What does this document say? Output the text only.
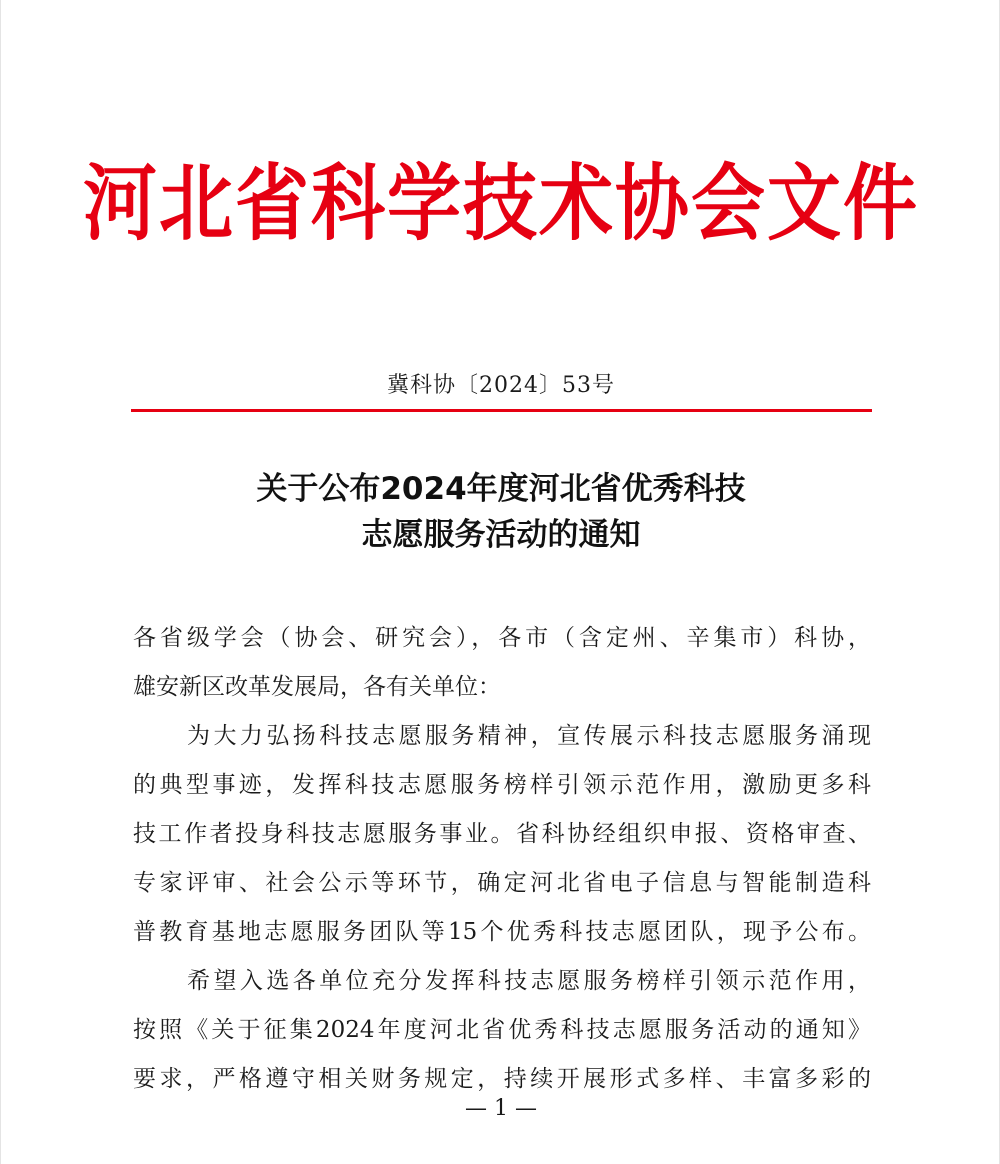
河北省科学技术协会文件
冀科协〔2024〕53号
关于公布2024年度河北省优秀科技
志愿服务活动的通知
各省级学会（协会、研究会），各市（含定州、辛集市）科协，
雄安新区改革发展局，各有关单位：
为大力弘扬科技志愿服务精神，宣传展示科技志愿服务涌现
的典型事迹，发挥科技志愿服务榜样引领示范作用，激励更多科
技工作者投身科技志愿服务事业。省科协经组织申报、资格审查、
专家评审、社会公示等环节，确定河北省电子信息与智能制造科
普教育基地志愿服务团队等15个优秀科技志愿团队，现予公布。
希望入选各单位充分发挥科技志愿服务榜样引领示范作用，
按照《关于征集2024年度河北省优秀科技志愿服务活动的通知》
要求，严格遵守相关财务规定，持续开展形式多样、丰富多彩的
— 1 —
